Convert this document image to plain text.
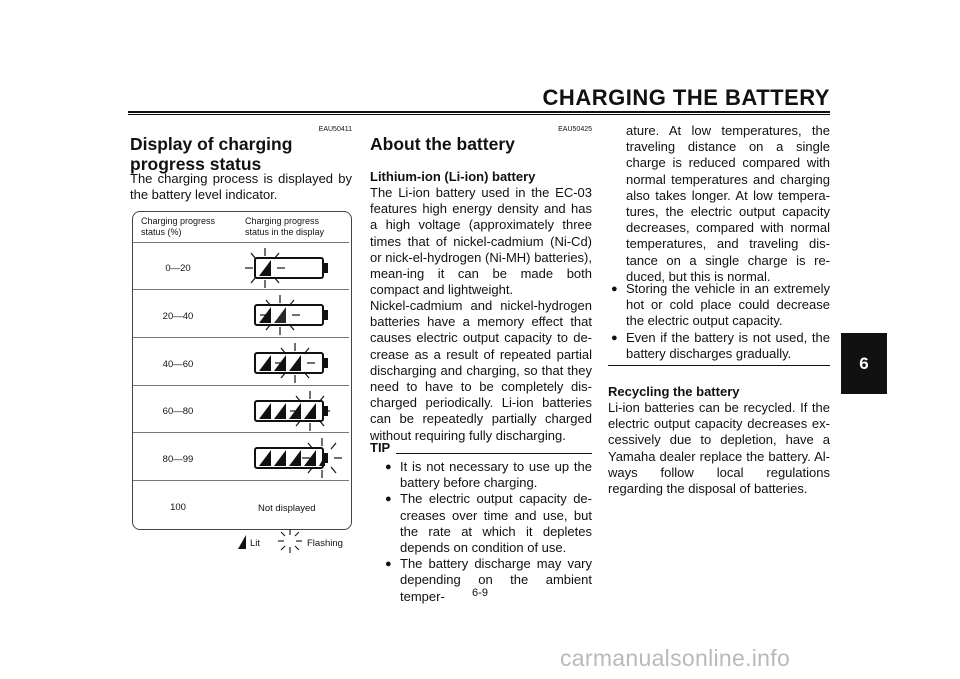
CHARGING THE BATTERY
6
EAU50411
Display of charging progress status

The charging process is displayed by the battery level indicator.

Charging progress status (%)
Charging progress status in the display
0—20
20—40
40—60
60—80
80—99
100	Not displayed
Lit	Flashing
EAU50425
About the battery
Lithium-ion (Li-ion) battery

The Li-ion battery used in the EC-03 features high energy density and has a high voltage (approximately three times that of nickel-cadmium (Ni-Cd) or nick-el-hydrogen (Ni-MH) batteries), mean-ing it can be made both compact and lightweight.

Nickel-cadmium and nickel-hydrogen batteries have a memory effect that causes electric output capacity to de-crease as a result of repeated partial discharging and charging, so that they need to have to be completely dis-charged periodically. Li-ion batteries can be repeatedly partially charged without requiring fully discharging.

TIP
● It is not necessary to use up the battery before charging.
● The electric output capacity de-creases over time and use, but the rate at which it depletes depends on condition of use.
● The battery discharge may vary depending on the ambient temper-

ature. At low temperatures, the traveling distance on a single charge is reduced compared with normal temperatures and charging also takes longer. At low tempera-tures, the electric output capacity decreases, compared with normal temperatures, and traveling dis-tance on a single charge is re-duced, but this is normal.

● Storing the vehicle in an extremely hot or cold place could decrease the electric output capacity.
● Even if the battery is not used, the battery discharges gradually.
Recycling the battery

Li-ion batteries can be recycled. If the electric output capacity decreases ex-cessively due to depletion, have a Yamaha dealer replace the battery. Al-ways follow local regulations regarding the disposal of batteries.

6-9
carmanualsonline.info
